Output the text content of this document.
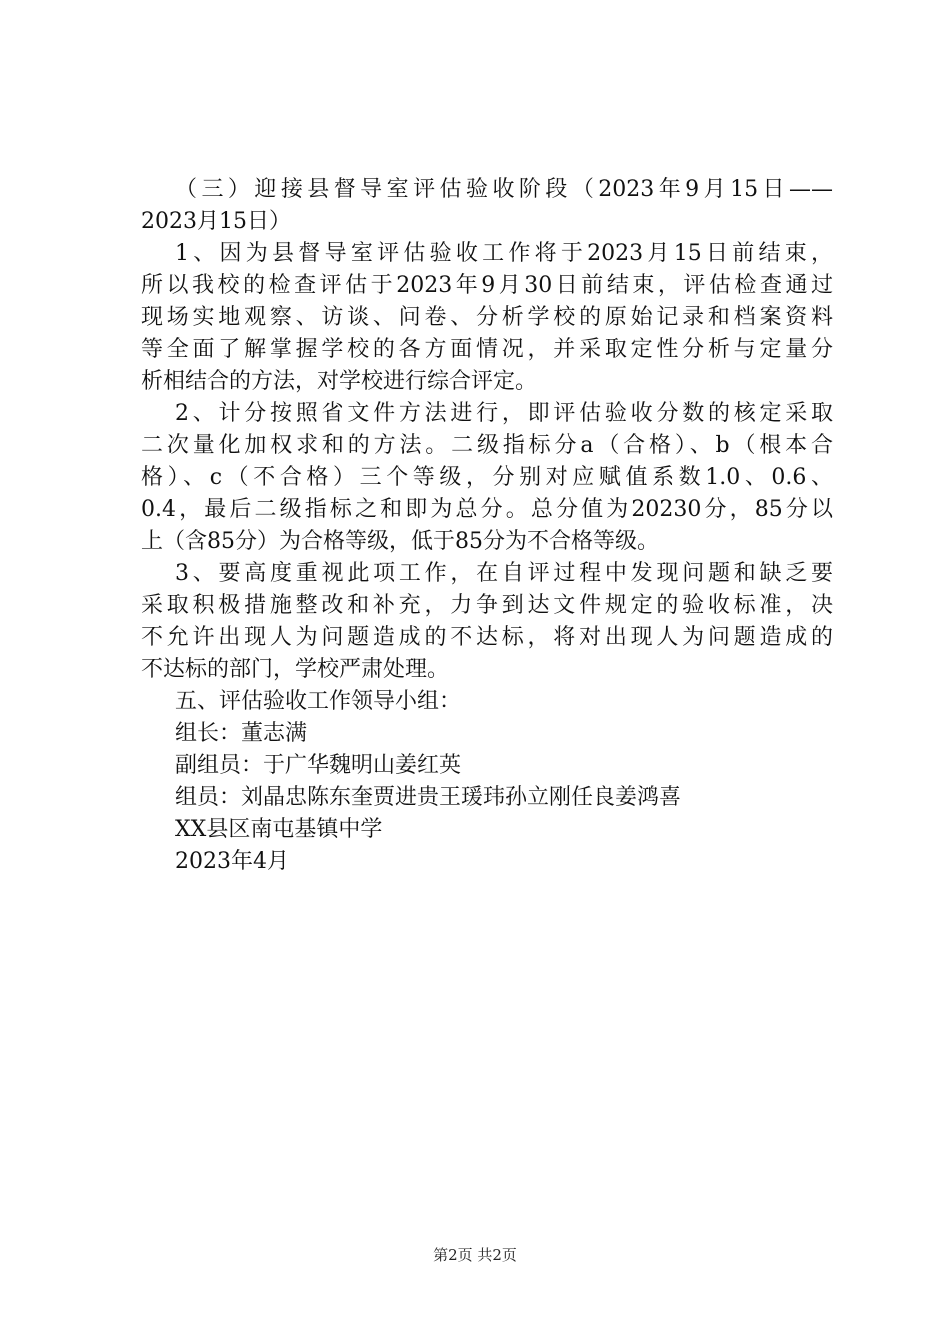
（三）迎接县督导室评估验收阶段（2023年9月15日——
2023月15日）
1、因为县督导室评估验收工作将于2023月15日前结束，
所以我校的检查评估于2023年9月30日前结束，评估检查通过
现场实地观察、访谈、问卷、分析学校的原始记录和档案资料
等全面了解掌握学校的各方面情况，并采取定性分析与定量分
析相结合的方法，对学校进行综合评定。
2、计分按照省文件方法进行，即评估验收分数的核定采取
二次量化加权求和的方法。二级指标分a（合格）、b（根本合
格）、c（不合格）三个等级，分别对应赋值系数1.0、0.6、
0.4，最后二级指标之和即为总分。总分值为20230分，85分以
上（含85分）为合格等级，低于85分为不合格等级。
3、要高度重视此项工作，在自评过程中发现问题和缺乏要
采取积极措施整改和补充，力争到达文件规定的验收标准，决
不允许出现人为问题造成的不达标，将对出现人为问题造成的
不达标的部门，学校严肃处理。
五、评估验收工作领导小组：
组长：董志满
副组员：于广华魏明山姜红英
组员：刘晶忠陈东奎贾进贵王瑗玮孙立刚任良姜鸿喜
XX县区南屯基镇中学
2023年4月
第2页 共2页
